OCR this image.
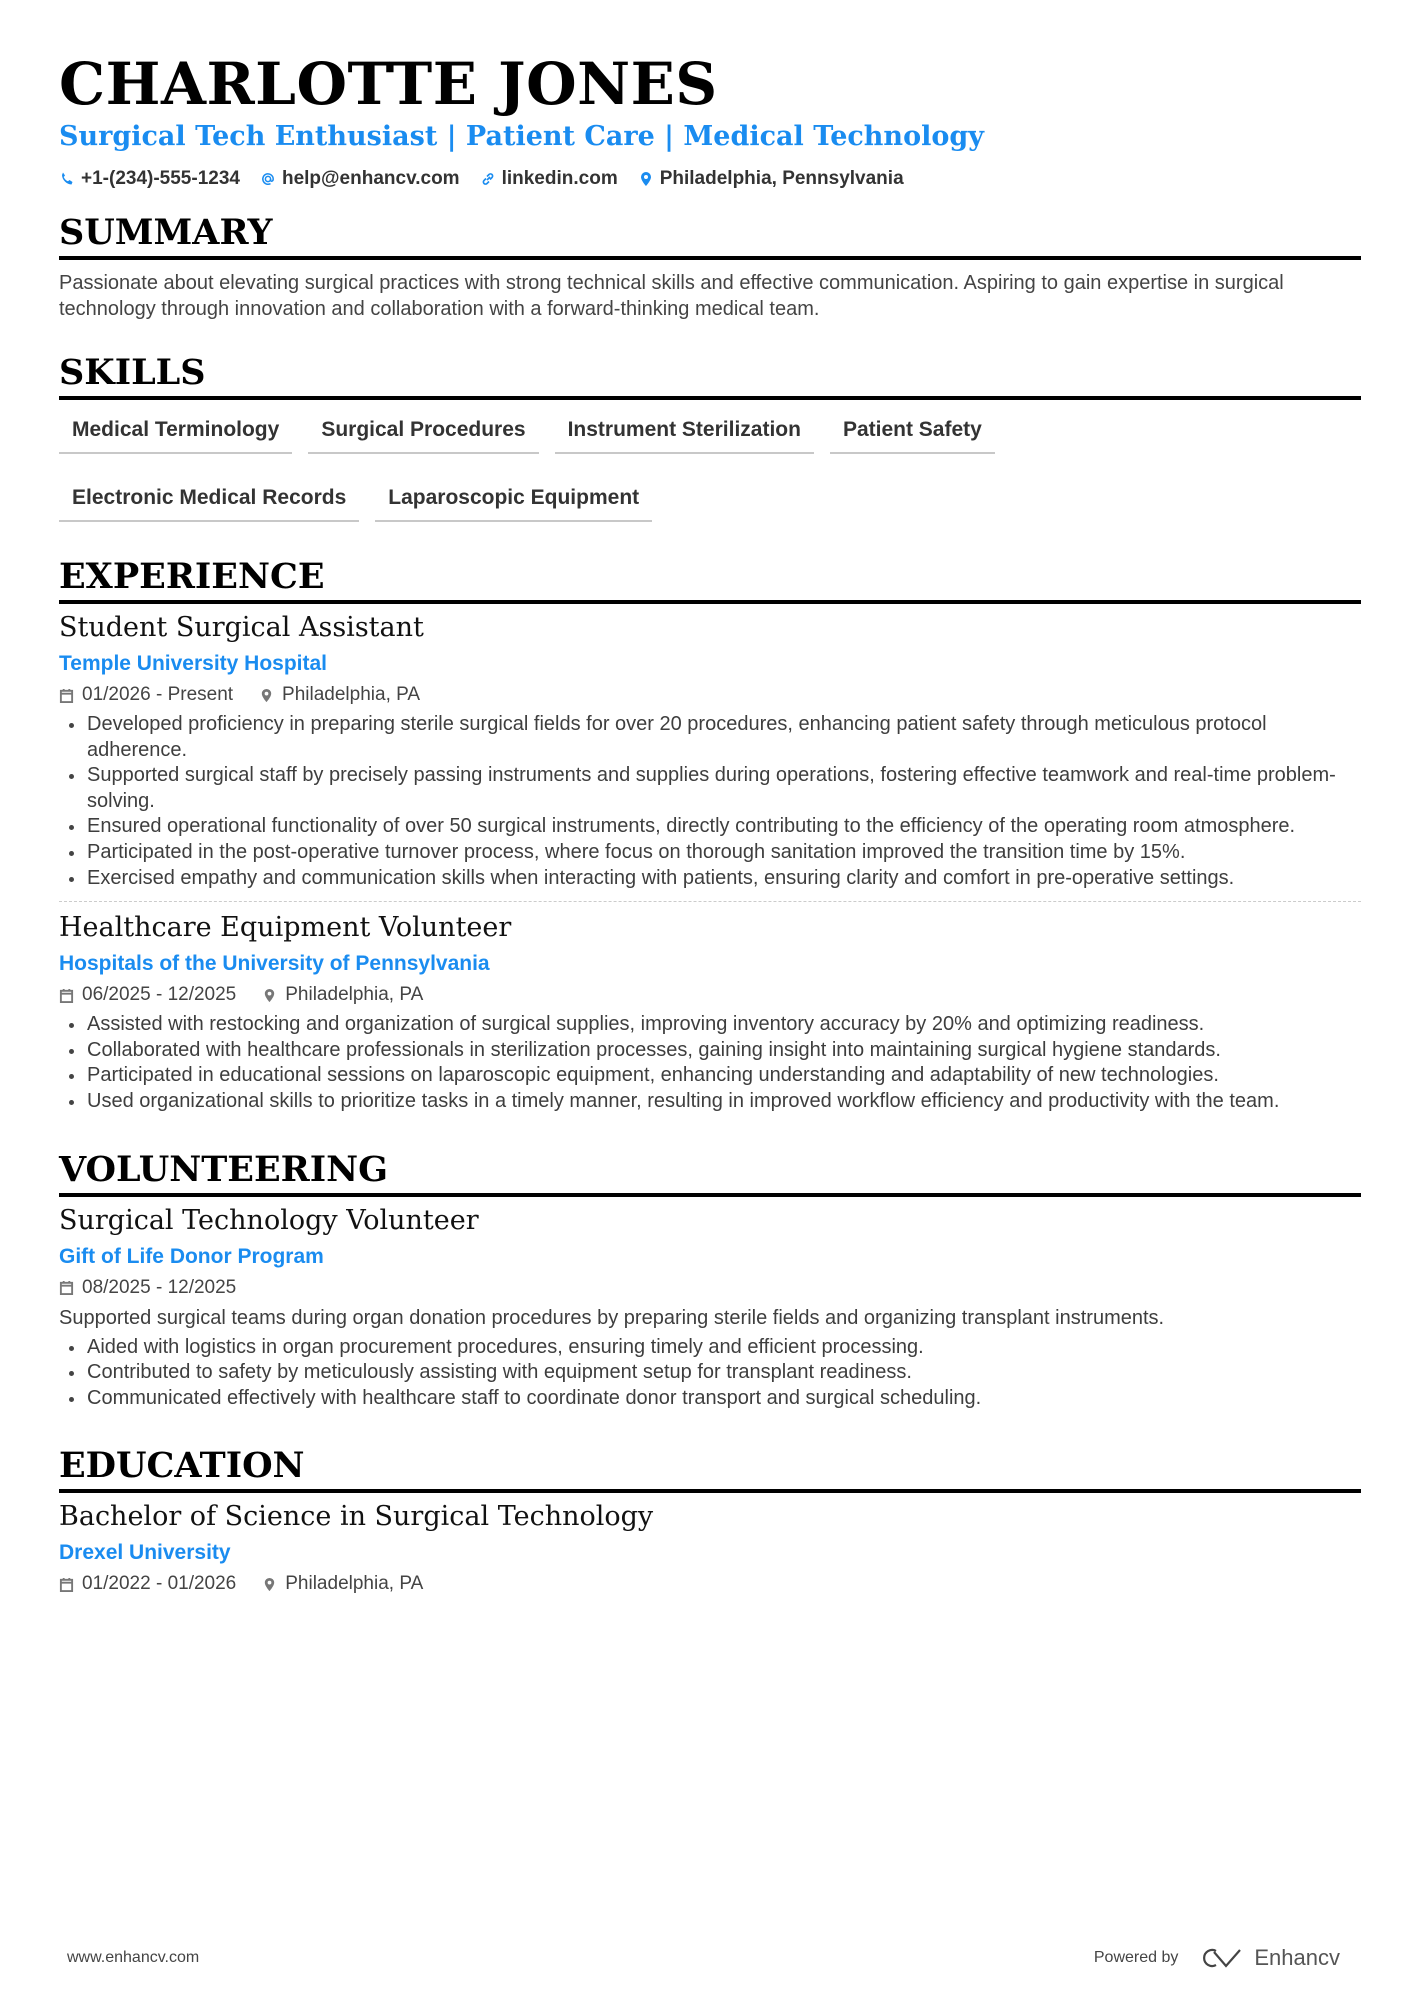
CHARLOTTE JONES
Surgical Tech Enthusiast | Patient Care | Medical Technology
+1-(234)-555-1234 help@enhancv.com linkedin.com Philadelphia, Pennsylvania
SUMMARY

Passionate about elevating surgical practices with strong technical skills and effective communication. Aspiring to gain expertise in surgical technology through innovation and collaboration with a forward-thinking medical team.

SKILLS
Medical Terminology	Surgical Procedures	Instrument Sterilization	Patient Safety
Electronic Medical Records	Laparoscopic Equipment
EXPERIENCE
Student Surgical Assistant
Temple University Hospital
01/2026 - Present	Philadelphia, PA
Developed proficiency in preparing sterile surgical fields for over 20 procedures, enhancing patient safety through meticulous protocol adherence.
Supported surgical staff by precisely passing instruments and supplies during operations, fostering effective teamwork and real-time problem-solving.
Ensured operational functionality of over 50 surgical instruments, directly contributing to the efficiency of the operating room atmosphere.
Participated in the post-operative turnover process, where focus on thorough sanitation improved the transition time by 15%.
Exercised empathy and communication skills when interacting with patients, ensuring clarity and comfort in pre-operative settings.
Healthcare Equipment Volunteer
Hospitals of the University of Pennsylvania
06/2025 - 12/2025	Philadelphia, PA
Assisted with restocking and organization of surgical supplies, improving inventory accuracy by 20% and optimizing readiness.
Collaborated with healthcare professionals in sterilization processes, gaining insight into maintaining surgical hygiene standards.
Participated in educational sessions on laparoscopic equipment, enhancing understanding and adaptability of new technologies.
Used organizational skills to prioritize tasks in a timely manner, resulting in improved workflow efficiency and productivity with the team.
VOLUNTEERING
Surgical Technology Volunteer
Gift of Life Donor Program
08/2025 - 12/2025

Supported surgical teams during organ donation procedures by preparing sterile fields and organizing transplant instruments.

Aided with logistics in organ procurement procedures, ensuring timely and efficient processing.
Contributed to safety by meticulously assisting with equipment setup for transplant readiness.
Communicated effectively with healthcare staff to coordinate donor transport and surgical scheduling.
EDUCATION
Bachelor of Science in Surgical Technology
Drexel University
01/2022 - 01/2026	Philadelphia, PA
www.enhancv.com	Powered by	Enhancv
